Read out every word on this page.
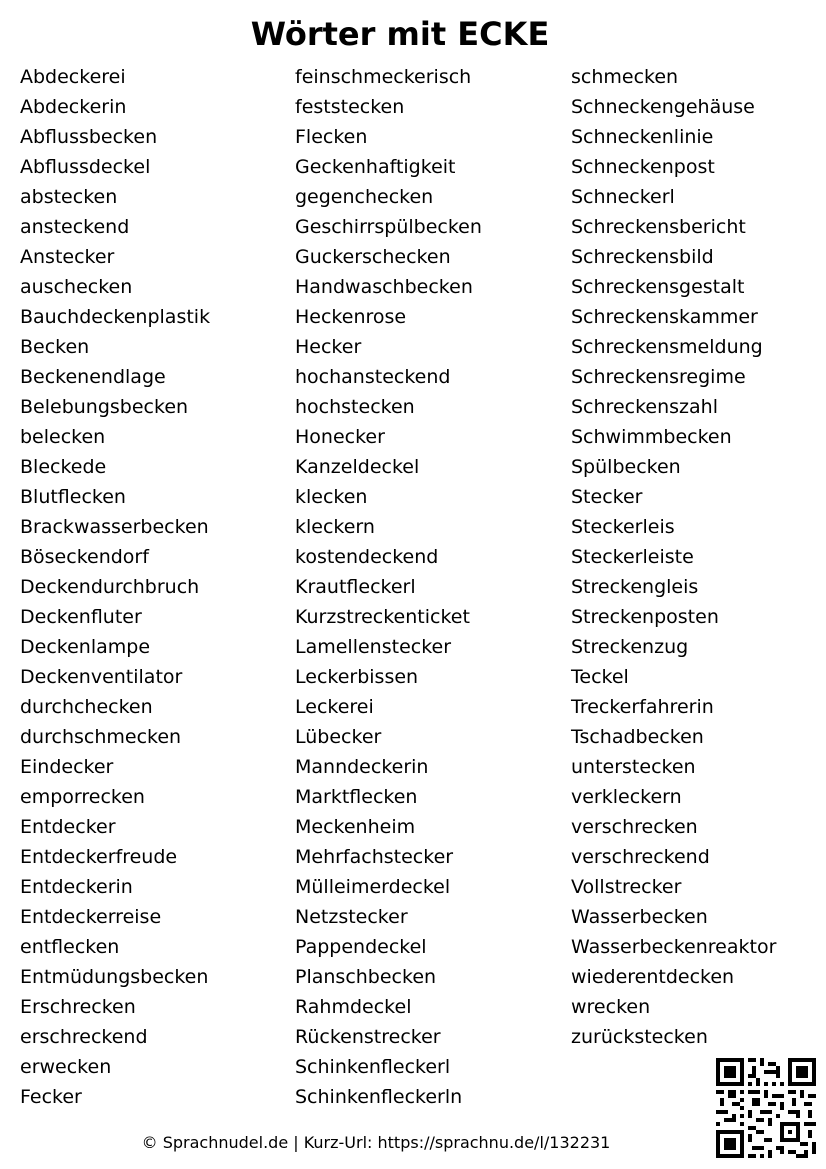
Wörter mit ECKE
Abdeckerei
Abdeckerin
Abflussbecken
Abflussdeckel
abstecken
ansteckend
Anstecker
auschecken
Bauchdeckenplastik
Becken
Beckenendlage
Belebungsbecken
belecken
Bleckede
Blutflecken
Brackwasserbecken
Böseckendorf
Deckendurchbruch
Deckenfluter
Deckenlampe
Deckenventilator
durchchecken
durchschmecken
Eindecker
emporrecken
Entdecker
Entdeckerfreude
Entdeckerin
Entdeckerreise
entflecken
Entmüdungsbecken
Erschrecken
erschreckend
erwecken
Fecker
feinschmeckerisch
feststecken
Flecken
Geckenhaftigkeit
gegenchecken
Geschirrspülbecken
Guckerschecken
Handwaschbecken
Heckenrose
Hecker
hochansteckend
hochstecken
Honecker
Kanzeldeckel
klecken
kleckern
kostendeckend
Krautfleckerl
Kurzstreckenticket
Lamellenstecker
Leckerbissen
Leckerei
Lübecker
Manndeckerin
Marktflecken
Meckenheim
Mehrfachstecker
Mülleimerdeckel
Netzstecker
Pappendeckel
Planschbecken
Rahmdeckel
Rückenstrecker
Schinkenfleckerl
Schinkenfleckerln
schmecken
Schneckengehäuse
Schneckenlinie
Schneckenpost
Schneckerl
Schreckensbericht
Schreckensbild
Schreckensgestalt
Schreckenskammer
Schreckensmeldung
Schreckensregime
Schreckenszahl
Schwimmbecken
Spülbecken
Stecker
Steckerleis
Steckerleiste
Streckengleis
Streckenposten
Streckenzug
Teckel
Treckerfahrerin
Tschadbecken
unterstecken
verkleckern
verschrecken
verschreckend
Vollstrecker
Wasserbecken
Wasserbeckenreaktor
wiederentdecken
wrecken
zurückstecken
© Sprachnudel.de | Kurz-Url: https://sprachnu.de/l/132231
